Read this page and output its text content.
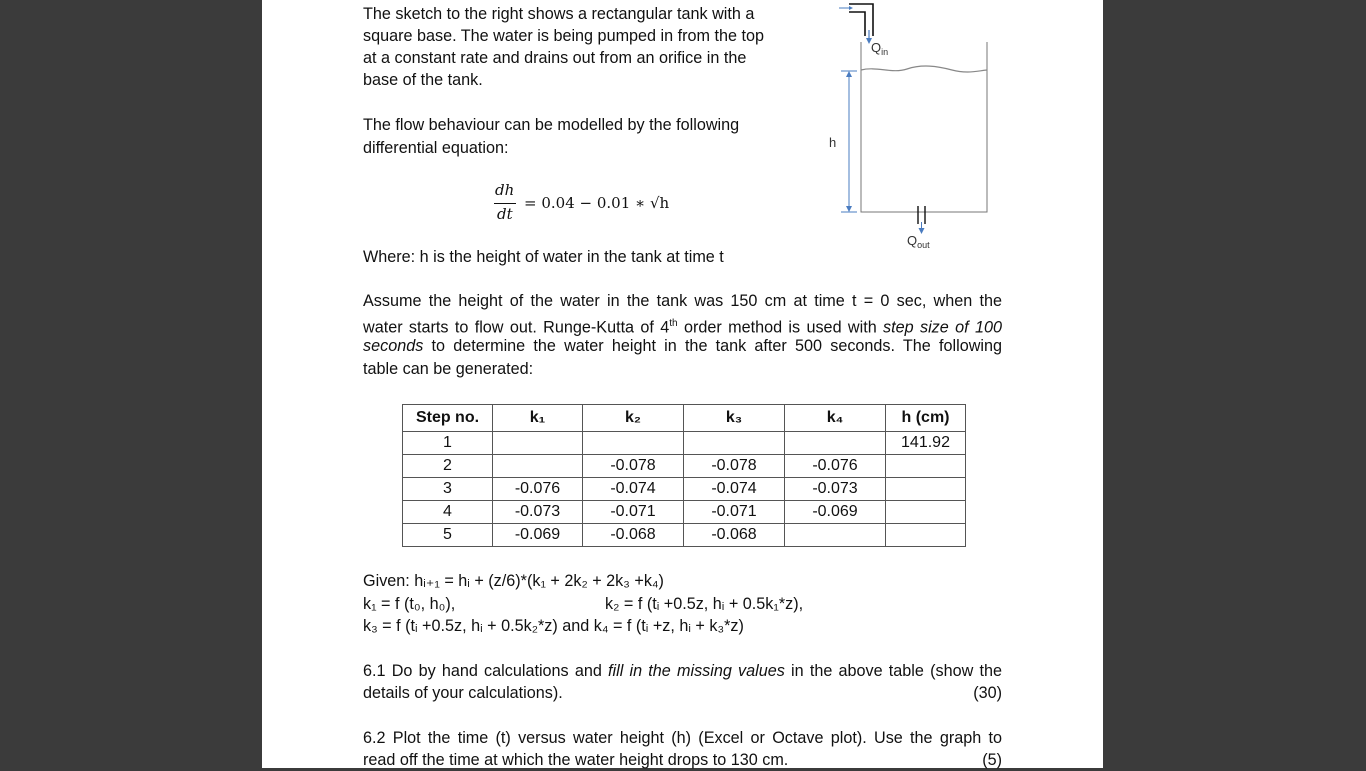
The sketch to the right shows a rectangular tank with a
square base. The water is being pumped in from the top
at a constant rate and drains out from an orifice in the
base of the tank.
The flow behaviour can be modelled by the following
differential equation:
dh
dt
= 0.04 − 0.01 ∗ √h
Where: h is the height of water in the tank at time t
Assume the height of the water in the tank was 150 cm at time t = 0 sec, when the
water starts to flow out. Runge-Kutta of 4th order method is used with step size of 100
seconds to determine the water height in the tank after 500 seconds. The following
table can be generated:
Step no.	k₁	k₂	k₃	k₄	h (cm)
1					141.92
2		-0.078	-0.078	-0.076	
3	-0.076	-0.074	-0.074	-0.073	
4	-0.073	-0.071	-0.071	-0.069	
5	-0.069	-0.068	-0.068		
Given: hᵢ₊₁ = hᵢ + (z/6)*(k₁ + 2k₂ + 2k₃ +k₄)
k₁ = f (t₀, h₀),	k₂ = f (tᵢ +0.5z, hᵢ + 0.5k₁*z),
k₃ = f (tᵢ +0.5z, hᵢ + 0.5k₂*z) and k₄ = f (tᵢ +z, hᵢ + k₃*z)
6.1 Do by hand calculations and fill in the missing values in the above table (show the
details of your calculations).	(30)
6.2 Plot the time (t) versus water height (h) (Excel or Octave plot). Use the graph to
read off the time at which the water height drops to 130 cm.	(5)
$Q_{in}$
h
$Q_{out}$
